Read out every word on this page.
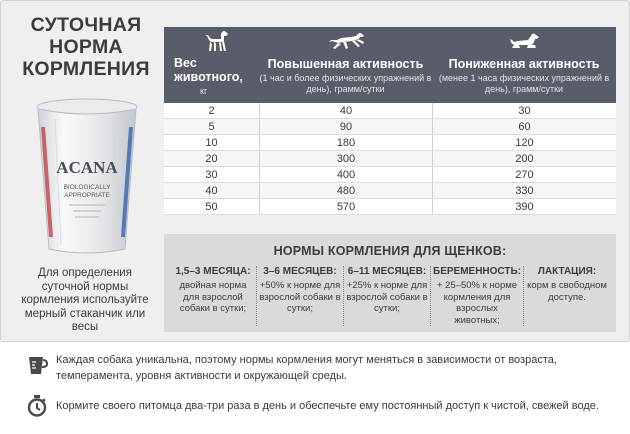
СУТОЧНАЯ
НОРМА
КОРМЛЕНИЯ
ACANA
BIOLOGICALLY
APPROPRIATE
Для определения суточной нормы кормления используйте мерный стаканчик или весы
Вес животного,
кг
Повышенная активность
(1 час и более физических упражнений в день), грамм/сутки
Пониженная активность
(менее 1 часа физических упражнений в день), грамм/сутки
2	40	30
5	90	60
10	180	120
20	300	200
30	400	270
40	480	330
50	570	390
НОРМЫ КОРМЛЕНИЯ ДЛЯ ЩЕНКОВ:
1,5–3 МЕСЯЦА:
двойная норма для взрослой собаки в сутки;
3–6 МЕСЯЦЕВ:
+50% к норме для взрослой собаки в сутки;
6–11 МЕСЯЦЕВ:
+25% к норме для взрослой собаки в сутки;
БЕРЕМЕННОСТЬ:
+ 25–50% к норме кормления для взрослых животных;
ЛАКТАЦИЯ:
корм в свободном доступе.
Каждая собака уникальна, поэтому нормы кормления могут меняться в зависимости от возраста, темперамента, уровня активности и окружающей среды.
Кормите своего питомца два-три раза в день и обеспечьте ему постоянный доступ к чистой, свежей воде.
